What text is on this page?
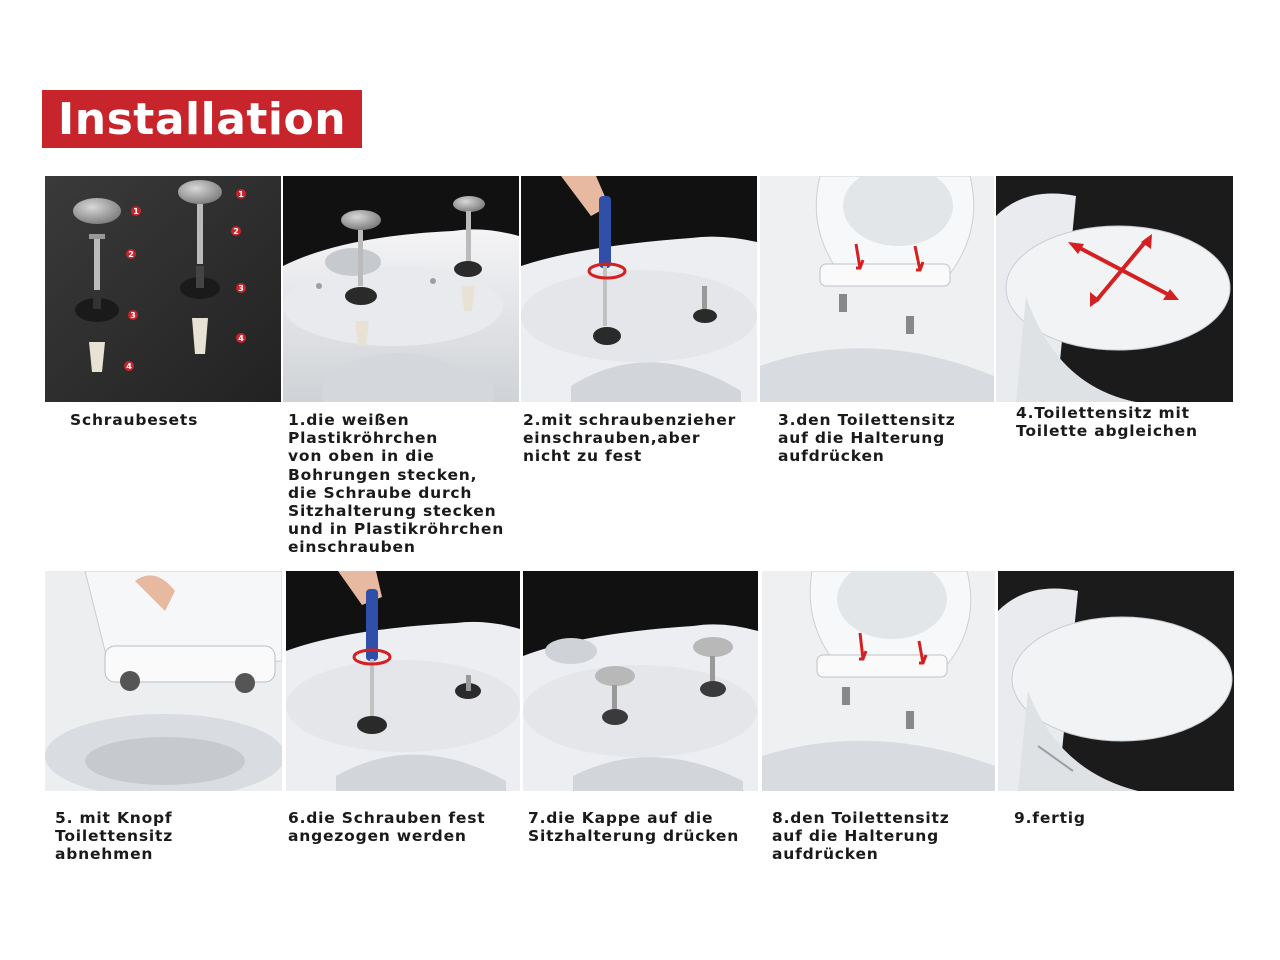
Installation
1
2
3
4
1
2
3
4

Schraubesets	1.die weißen
Plastikröhrchen
von oben in die
Bohrungen stecken,
die Schraube durch
Sitzhalterung stecken
und in Plastikröhrchen
einschrauben

2.mit schraubenzieher
einschrauben,aber
nicht zu fest

3.den Toilettensitz
auf die Halterung
aufdrücken

4.Toilettensitz mit
Toilette abgleichen

5. mit Knopf
Toilettensitz
abnehmen

6.die Schrauben fest
angezogen werden

7.die Kappe auf die
Sitzhalterung drücken

8.den Toilettensitz
auf die Halterung
aufdrücken

9.fertig
